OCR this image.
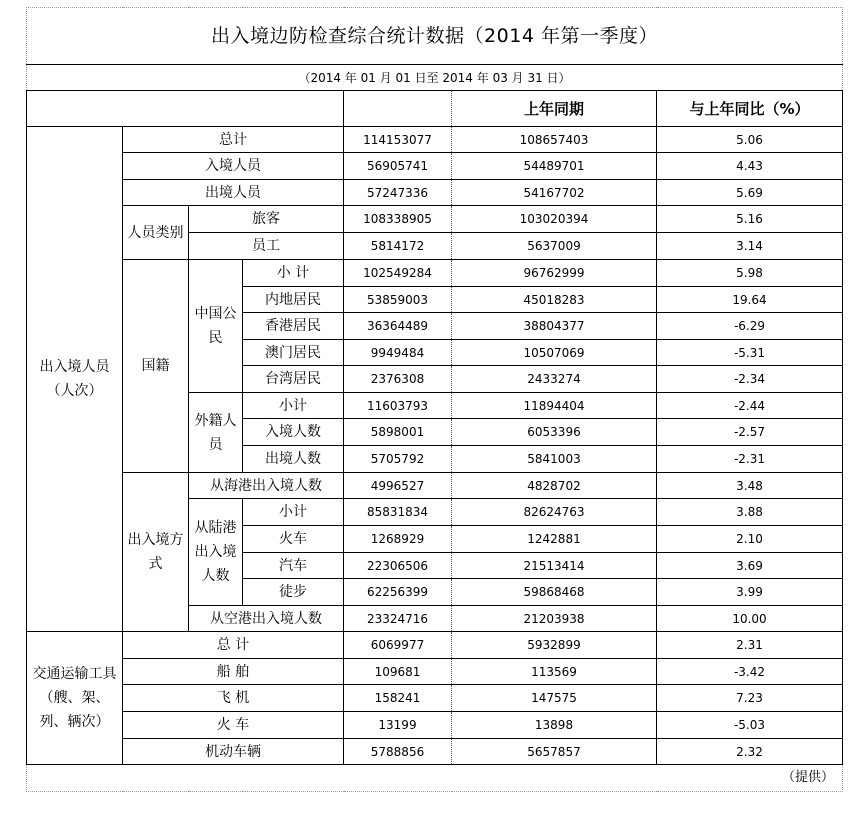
出入境边防检查综合统计数据（2014 年第一季度）						
（2014 年 01 月 01 日至 2014 年 03 月 31 日）						
					上年同期	与上年同比（%）
出入境人员（人次）	总计			114153077	108657403	5.06
	入境人员			56905741	54489701	4.43
	出境人员			57247336	54167702	5.69
	人员类别	旅客		108338905	103020394	5.16
		员工		5814172	5637009	3.14
	国籍	中国公民	小 计	102549284	96762999	5.98
			内地居民	53859003	45018283	19.64
			香港居民	36364489	38804377	-6.29
			澳门居民	9949484	10507069	-5.31
			台湾居民	2376308	2433274	-2.34
		外籍人员	小计	11603793	11894404	-2.44
			入境人数	5898001	6053396	-2.57
			出境人数	5705792	5841003	-2.31
	出入境方式	从海港出入境人数		4996527	4828702	3.48
		从陆港出入境人数	小计	85831834	82624763	3.88
			火车	1268929	1242881	2.10
			汽车	22306506	21513414	3.69
			徒步	62256399	59868468	3.99
		从空港出入境人数		23324716	21203938	10.00
交通运输工具（艘、架、列、辆次）	总 计			6069977	5932899	2.31
	船 舶			109681	113569	-3.42
	飞 机			158241	147575	7.23
	火 车			13199	13898	-5.03
	机动车辆			5788856	5657857	2.32
（提供）						
